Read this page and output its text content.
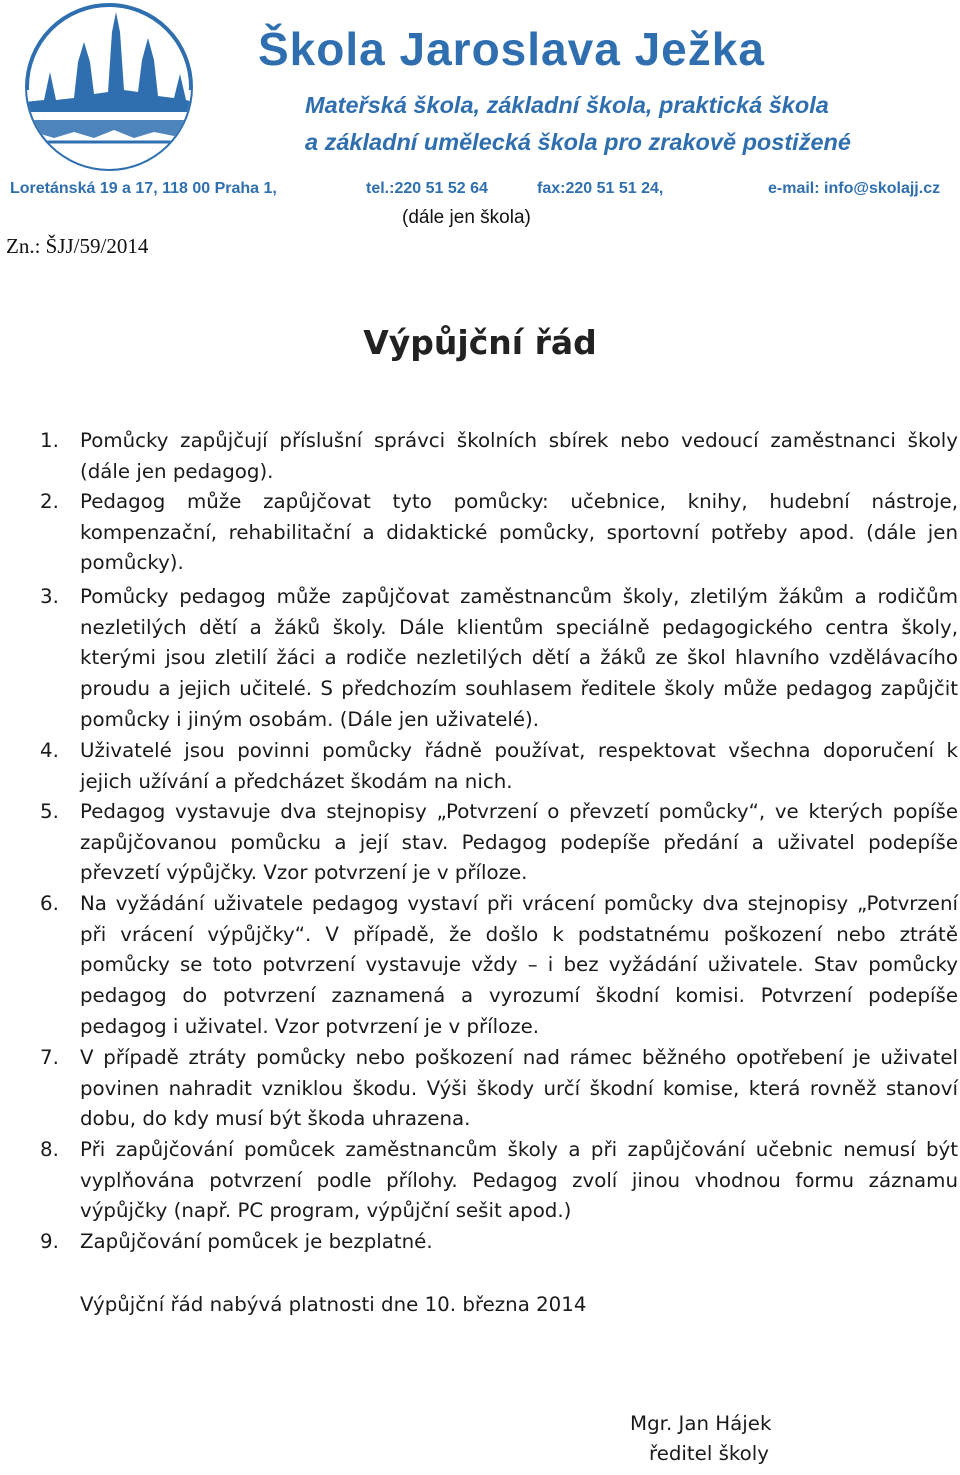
Škola Jaroslava Ježka
Mateřská škola, základní škola, praktická škola
a základní umělecká škola pro zrakově postižené
Loretánská 19 a 17, 118 00 Praha 1,	tel.:220 51 52 64	fax:220 51 51 24,	e-mail: info@skolajj.cz
(dále jen škola)
Zn.: ŠJJ/59/2014
Výpůjční řád
1. Pomůcky zapůjčují příslušní správci školních sbírek nebo vedoucí zaměstnanci školy (dále jen pedagog).
2. Pedagog může zapůjčovat tyto pomůcky: učebnice, knihy, hudební nástroje, kompenzační, rehabilitační a didaktické pomůcky, sportovní potřeby apod. (dále jen pomůcky).
3. Pomůcky pedagog může zapůjčovat zaměstnancům školy, zletilým žákům a rodičům nezletilých dětí a žáků školy. Dále klientům speciálně pedagogického centra školy, kterými jsou zletilí žáci a rodiče nezletilých dětí a žáků ze škol hlavního vzdělávacího proudu a jejich učitelé. S předchozím souhlasem ředitele školy může pedagog zapůjčit pomůcky i jiným osobám. (Dále jen uživatelé).
4. Uživatelé jsou povinni pomůcky řádně používat, respektovat všechna doporučení k jejich užívání a předcházet škodám na nich.
5. Pedagog vystavuje dva stejnopisy „Potvrzení o převzetí pomůcky“, ve kterých popíše zapůjčovanou pomůcku a její stav. Pedagog podepíše předání a uživatel podepíše převzetí výpůjčky. Vzor potvrzení je v příloze.
6. Na vyžádání uživatele pedagog vystaví při vrácení pomůcky dva stejnopisy „Potvrzení při vrácení výpůjčky“. V případě, že došlo k podstatnému poškození nebo ztrátě pomůcky se toto potvrzení vystavuje vždy – i bez vyžádání uživatele. Stav pomůcky pedagog do potvrzení zaznamená a vyrozumí škodní komisi. Potvrzení podepíše pedagog i uživatel. Vzor potvrzení je v příloze.
7. V případě ztráty pomůcky nebo poškození nad rámec běžného opotřebení je uživatel povinen nahradit vzniklou škodu. Výši škody určí škodní komise, která rovněž stanoví dobu, do kdy musí být škoda uhrazena.
8. Při zapůjčování pomůcek zaměstnancům školy a při zapůjčování učebnic nemusí být vyplňována potvrzení podle přílohy. Pedagog zvolí jinou vhodnou formu záznamu výpůjčky (např. PC program, výpůjční sešit apod.)
9. Zapůjčování pomůcek je bezplatné.
Výpůjční řád nabývá platnosti dne 10. března 2014
Mgr. Jan Hájek
ředitel školy
